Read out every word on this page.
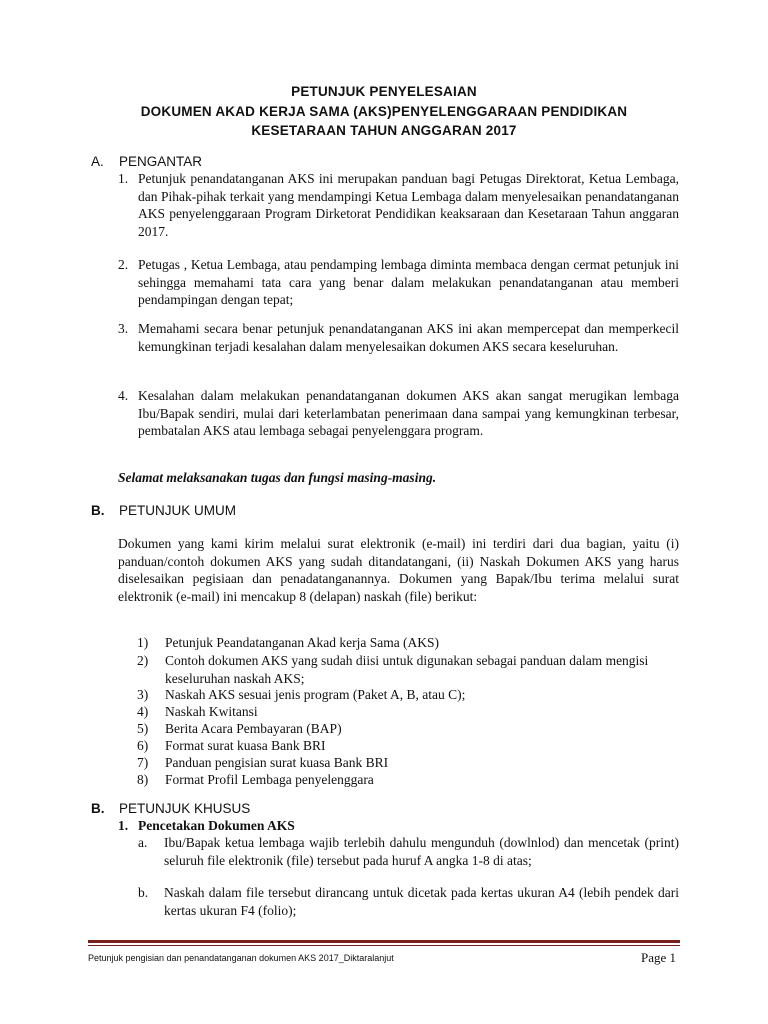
PETUNJUK PENYELESAIAN
DOKUMEN AKAD KERJA SAMA (AKS)PENYELENGGARAAN PENDIDIKAN
KESETARAAN TAHUN ANGGARAN 2017
A. PENGANTAR
1. Petunjuk penandatanganan AKS ini merupakan panduan bagi Petugas Direktorat, Ketua Lembaga, dan Pihak-pihak terkait yang mendampingi Ketua Lembaga dalam menyelesaikan penandatanganan AKS penyelenggaraan Program Dirketorat Pendidikan keaksaraan dan Kesetaraan Tahun anggaran 2017.
2. Petugas , Ketua Lembaga, atau pendamping lembaga diminta membaca dengan cermat petunjuk ini sehingga memahami tata cara yang benar dalam melakukan penandatanganan atau memberi pendampingan dengan tepat;
3. Memahami secara benar petunjuk penandatanganan AKS ini akan mempercepat dan memperkecil kemungkinan terjadi kesalahan dalam menyelesaikan dokumen AKS secara keseluruhan.
4. Kesalahan dalam melakukan penandatanganan dokumen AKS akan sangat merugikan lembaga Ibu/Bapak sendiri, mulai dari keterlambatan penerimaan dana sampai yang kemungkinan terbesar, pembatalan AKS atau lembaga sebagai penyelenggara program.
Selamat melaksanakan tugas dan fungsi masing-masing.
B. PETUNJUK UMUM
Dokumen yang kami kirim melalui surat elektronik (e-mail) ini terdiri dari dua bagian, yaitu (i) panduan/contoh dokumen AKS yang sudah ditandatangani, (ii) Naskah Dokumen AKS yang harus diselesaikan pegisiaan dan penadatanganannya. Dokumen yang Bapak/Ibu terima melalui surat elektronik (e-mail) ini mencakup 8 (delapan) naskah (file) berikut:
1) Petunjuk Peandatanganan Akad kerja Sama (AKS)
2) Contoh dokumen AKS yang sudah diisi untuk digunakan sebagai panduan dalam mengisi keseluruhan naskah AKS;
3) Naskah AKS sesuai jenis program (Paket A, B, atau C);
4) Naskah Kwitansi
5) Berita Acara Pembayaran (BAP)
6) Format surat kuasa Bank BRI
7) Panduan pengisian surat kuasa Bank BRI
8) Format Profil Lembaga penyelenggara
B. PETUNJUK KHUSUS
1. Pencetakan Dokumen AKS
a. Ibu/Bapak ketua lembaga wajib terlebih dahulu mengunduh (dowlnlod) dan mencetak (print) seluruh file elektronik (file) tersebut pada huruf A angka 1-8 di atas;
b. Naskah dalam file tersebut dirancang untuk dicetak pada kertas ukuran A4 (lebih pendek dari kertas ukuran F4 (folio);
Petunjuk pengisian dan penandatanganan dokumen AKS 2017_Diktaralanjut	Page 1
